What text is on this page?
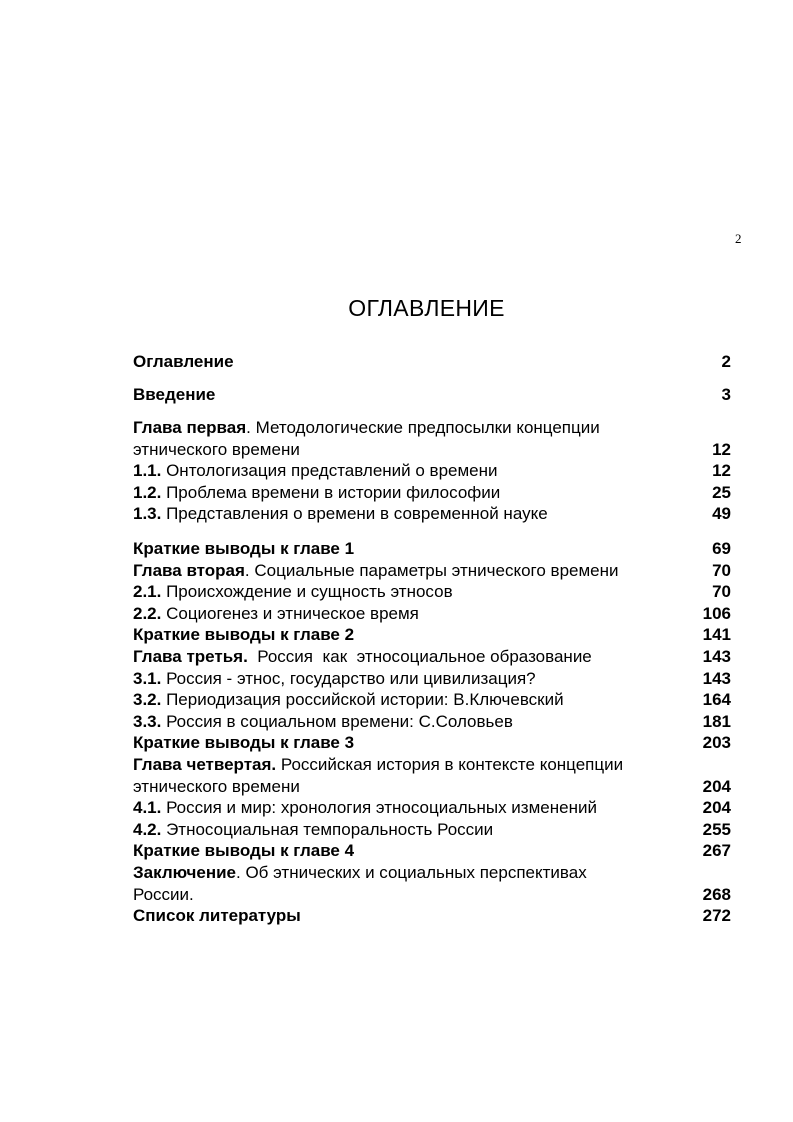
2
ОГЛАВЛЕНИЕ
Оглавление	2
Введение	3
Глава первая. Методологические предпосылки концепции
этнического времени	12
1.1. Онтологизация представлений о времени	12
1.2. Проблема времени в истории философии	25
1.3. Представления о времени в современной науке	49
Краткие выводы к главе 1	69
Глава вторая. Социальные параметры этнического времени	70
2.1. Происхождение и сущность этносов	70
2.2. Социогенез и этническое время	106
Краткие выводы к главе 2	141
Глава третья.  Россия  как  этносоциальное образование	143
3.1. Россия - этнос, государство или цивилизация?	143
3.2. Периодизация российской истории: В.Ключевский	164
3.3. Россия в социальном времени: С.Соловьев	181
Краткие выводы к главе 3	203
Глава четвертая. Российская история в контексте концепции
этнического времени	204
4.1. Россия и мир: хронология этносоциальных изменений	204
4.2. Этносоциальная темпоральность России	255
Краткие выводы к главе 4	267
Заключение. Об этнических и социальных перспективах
России.	268
Список литературы	272
